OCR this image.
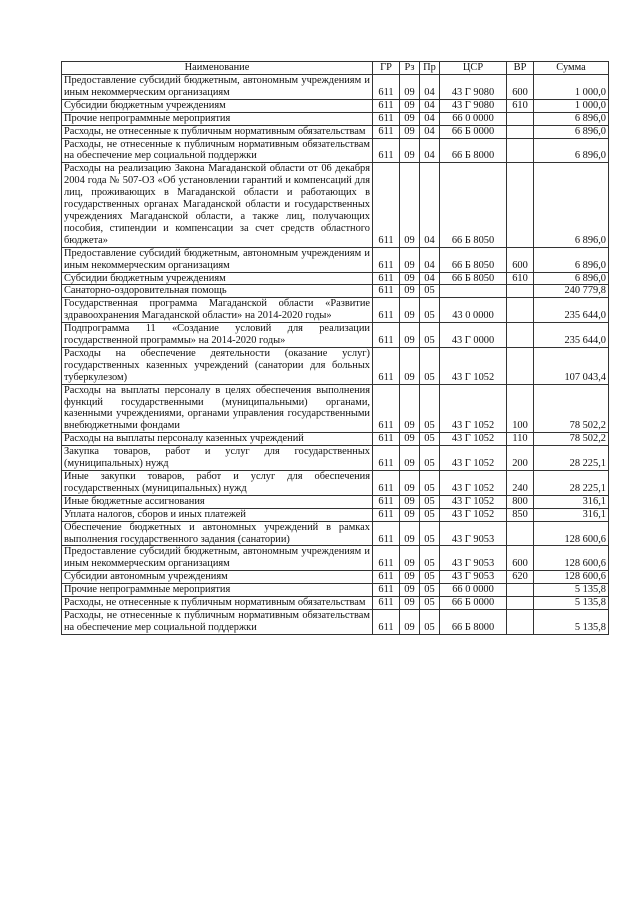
Наименование	ГР	Рз	Пр	ЦСР	ВР	Сумма
Предоставление субсидий бюджетным, автономным учреждениям и иным некоммерческим организациям	611	09	04	43 Г 9080	600	1 000,0
Субсидии бюджетным учреждениям	611	09	04	43 Г 9080	610	1 000,0
Прочие непрограммные мероприятия	611	09	04	66 0 0000		6 896,0
Расходы, не отнесенные к публичным нормативным обязательствам	611	09	04	66 Б 0000		6 896,0
Расходы, не отнесенные к публичным нормативным обязательствам на обеспечение мер социальной поддержки	611	09	04	66 Б 8000		6 896,0
Расходы на реализацию Закона Магаданской области от 06 декабря 2004 года № 507-ОЗ «Об установлении гарантий и компенсаций для лиц, проживающих в Магаданской области и работающих в государственных органах Магаданской области и государственных учреждениях Магаданской области, а также лиц, получающих пособия, стипендии и компенсации за счет средств областного бюджета»	611	09	04	66 Б 8050		6 896,0
Предоставление субсидий бюджетным, автономным учреждениям и иным некоммерческим организациям	611	09	04	66 Б 8050	600	6 896,0
Субсидии бюджетным учреждениям	611	09	04	66 Б 8050	610	6 896,0
Санаторно-оздоровительная помощь	611	09	05			240 779,8
Государственная программа Магаданской области «Развитие здравоохранения Магаданской области» на 2014-2020 годы»	611	09	05	43 0 0000		235 644,0
Подпрограмма 11 «Создание условий для реализации государственной программы» на 2014-2020 годы»	611	09	05	43 Г 0000		235 644,0
Расходы на обеспечение деятельности (оказание услуг) государственных казенных учреждений (санатории для больных туберкулезом)	611	09	05	43 Г 1052		107 043,4
Расходы на выплаты персоналу в целях обеспечения выполнения функций государственными (муниципальными) органами, казенными учреждениями, органами управления государственными внебюджетными фондами	611	09	05	43 Г 1052	100	78 502,2
Расходы на выплаты персоналу казенных учреждений	611	09	05	43 Г 1052	110	78 502,2
Закупка товаров, работ и услуг для государственных (муниципальных) нужд	611	09	05	43 Г 1052	200	28 225,1
Иные закупки товаров, работ и услуг для обеспечения государственных (муниципальных) нужд	611	09	05	43 Г 1052	240	28 225,1
Иные бюджетные ассигнования	611	09	05	43 Г 1052	800	316,1
Уплата налогов, сборов и иных платежей	611	09	05	43 Г 1052	850	316,1
Обеспечение бюджетных и автономных учреждений в рамках выполнения государственного задания (санатории)	611	09	05	43 Г 9053		128 600,6
Предоставление субсидий бюджетным, автономным учреждениям и иным некоммерческим организациям	611	09	05	43 Г 9053	600	128 600,6
Субсидии автономным учреждениям	611	09	05	43 Г 9053	620	128 600,6
Прочие непрограммные мероприятия	611	09	05	66 0 0000		5 135,8
Расходы, не отнесенные к публичным нормативным обязательствам	611	09	05	66 Б 0000		5 135,8
Расходы, не отнесенные к публичным нормативным обязательствам на обеспечение мер социальной поддержки	611	09	05	66 Б 8000		5 135,8
